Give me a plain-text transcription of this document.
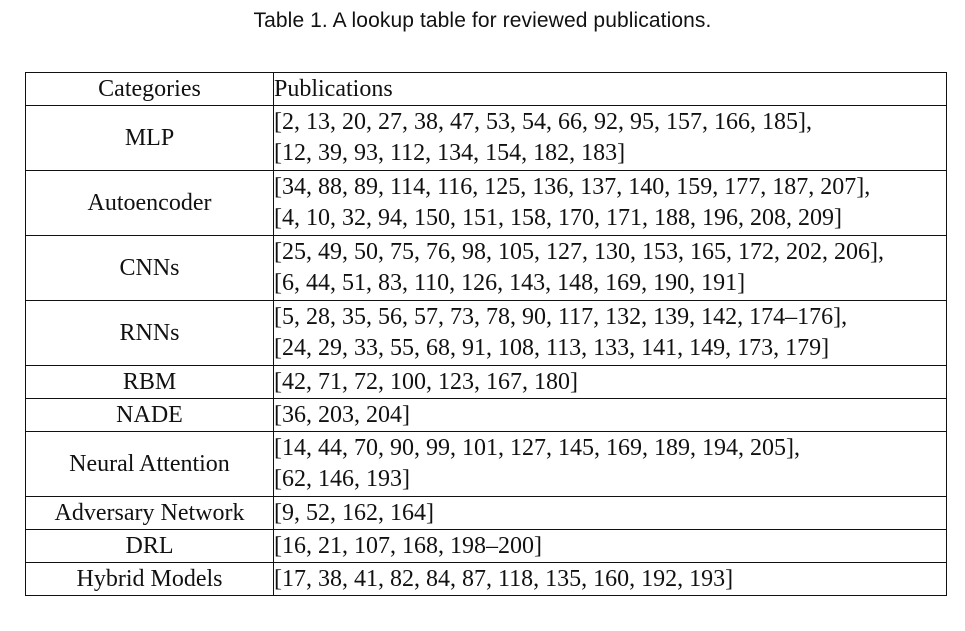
Table 1. A lookup table for reviewed publications.
Categories	Publications
MLP	[2, 13, 20, 27, 38, 47, 53, 54, 66, 92, 95, 157, 166, 185],
[12, 39, 93, 112, 134, 154, 182, 183]

Autoencoder	[34, 88, 89, 114, 116, 125, 136, 137, 140, 159, 177, 187, 207],
[4, 10, 32, 94, 150, 151, 158, 170, 171, 188, 196, 208, 209]

CNNs	[25, 49, 50, 75, 76, 98, 105, 127, 130, 153, 165, 172, 202, 206],
[6, 44, 51, 83, 110, 126, 143, 148, 169, 190, 191]

RNNs	[5, 28, 35, 56, 57, 73, 78, 90, 117, 132, 139, 142, 174–176],
[24, 29, 33, 55, 68, 91, 108, 113, 133, 141, 149, 173, 179]

RBM	[42, 71, 72, 100, 123, 167, 180]

NADE	[36, 203, 204]

Neural Attention	[14, 44, 70, 90, 99, 101, 127, 145, 169, 189, 194, 205],
[62, 146, 193]

Adversary Network	[9, 52, 162, 164]

DRL	[16, 21, 107, 168, 198–200]

Hybrid Models	[17, 38, 41, 82, 84, 87, 118, 135, 160, 192, 193]
